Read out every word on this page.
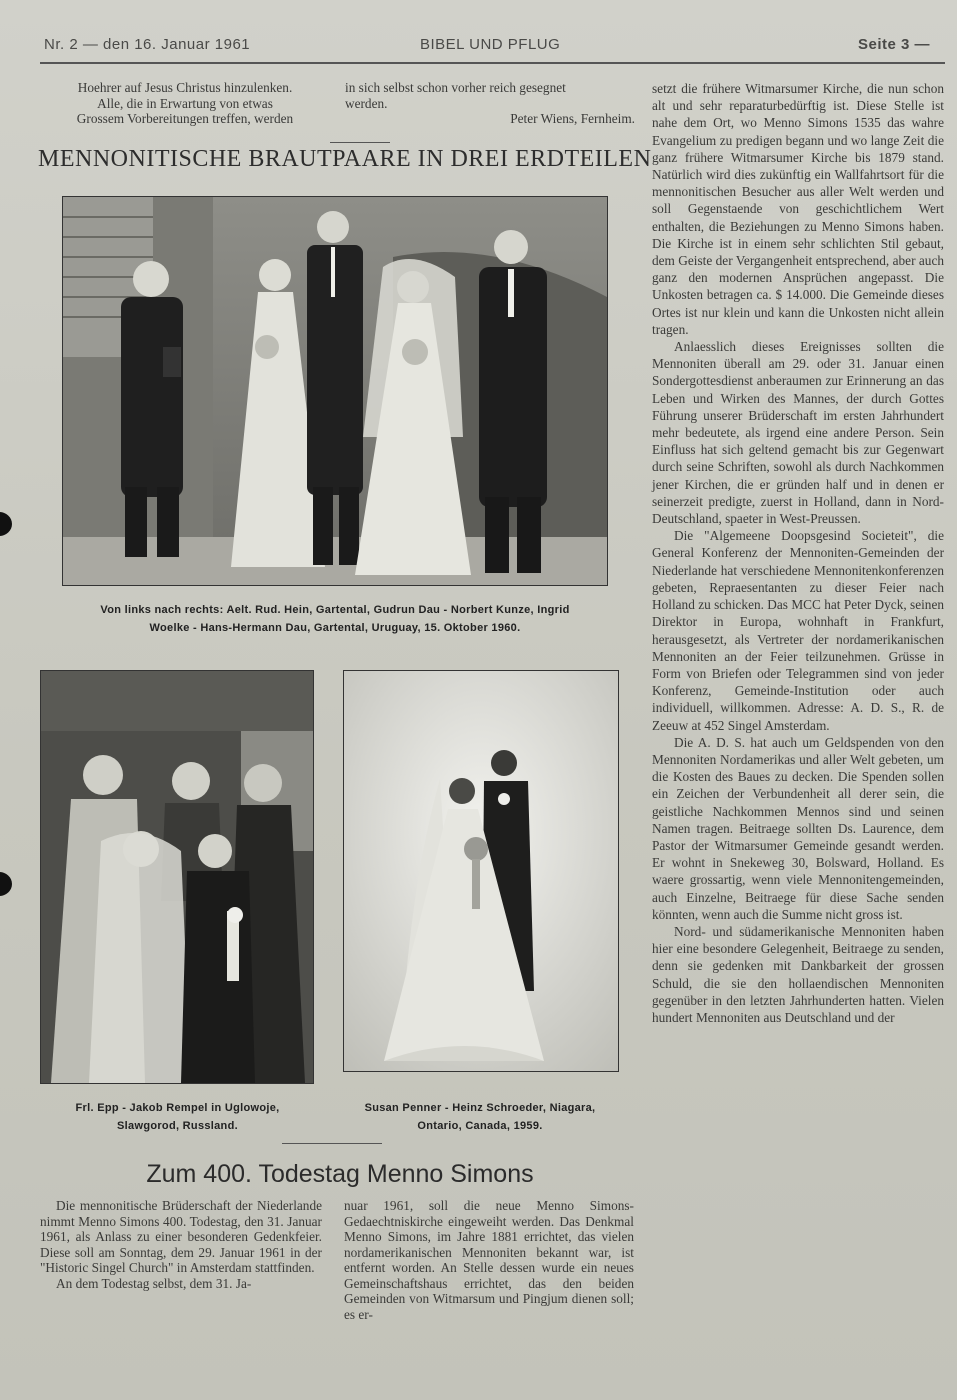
Nr. 2 — den 16. Januar 1961	BIBEL UND PFLUG	Seite 3 —

Hoehrer auf Jesus Christus hinzulenken.

Alle, die in Erwartung von etwas

Grossem Vorbereitungen treffen, werden

in sich selbst schon vorher reich gesegnet

werden.

Peter Wiens, Fernheim.

MENNONITISCHE BRAUTPAARE IN DREI ERDTEILEN
Von links nach rechts: Aelt. Rud. Hein, Gartental, Gudrun Dau - Norbert Kunze, Ingrid
Woelke - Hans-Hermann Dau, Gartental, Uruguay, 15. Oktober 1960.
Frl. Epp - Jakob Rempel in Uglowoje,
Slawgorod, Russland.
Susan Penner - Heinz Schroeder, Niagara,
Ontario, Canada, 1959.
Zum 400. Todestag Menno Simons

Die mennonitische Brüderschaft der Niederlande nimmt Menno Simons 400. Todestag, den 31. Januar 1961, als Anlass zu einer besonderen Gedenkfeier. Diese soll am Sonntag, dem 29. Januar 1961 in der "Historic Singel Church" in Amsterdam stattfinden.

An dem Todestag selbst, dem 31. Ja-

nuar 1961, soll die neue Menno Simons-Gedaechtniskirche eingeweiht werden. Das Denkmal Menno Simons, im Jahre 1881 errichtet, das vielen nordamerikanischen Mennoniten bekannt war, ist entfernt worden. An Stelle dessen wurde ein neues Gemeinschaftshaus errichtet, das den beiden Gemeinden von Witmarsum und Pingjum dienen soll; es er-

setzt die frühere Witmarsumer Kirche, die nun schon alt und sehr reparaturbedürftig ist. Diese Stelle ist nahe dem Ort, wo Menno Simons 1535 das wahre Evangelium zu predigen begann und wo lange Zeit die ganz frühere Witmarsumer Kirche bis 1879 stand. Natürlich wird dies zukünftig ein Wallfahrtsort für die mennonitischen Besucher aus aller Welt werden und soll Gegenstaende von geschichtlichem Wert enthalten, die Beziehungen zu Menno Simons haben. Die Kirche ist in einem sehr schlichten Stil gebaut, dem Geiste der Vergangenheit entsprechend, aber auch ganz den modernen Ansprüchen angepasst. Die Unkosten betragen ca. $ 14.000. Die Gemeinde dieses Ortes ist nur klein und kann die Unkosten nicht allein tragen.

Anlaesslich dieses Ereignisses sollten die Mennoniten überall am 29. oder 31. Januar einen Sondergottesdienst anberaumen zur Erinnerung an das Leben und Wirken des Mannes, der durch Gottes Führung unserer Brüderschaft im ersten Jahrhundert mehr bedeutete, als irgend eine andere Person. Sein Einfluss hat sich geltend gemacht bis zur Gegenwart durch seine Schriften, sowohl als durch Nachkommen jener Kirchen, die er gründen half und in denen er seinerzeit predigte, zuerst in Holland, dann in Nord-Deutschland, spaeter in West-Preussen.

Die "Algemeene Doopsgesind Societeit", die General Konferenz der Mennoniten-Gemeinden der Niederlande hat verschiedene Mennonitenkonferenzen gebeten, Repraesentanten zu dieser Feier nach Holland zu schicken. Das MCC hat Peter Dyck, seinen Direktor in Europa, wohnhaft in Frankfurt, herausgesetzt, als Vertreter der nordamerikanischen Mennoniten an der Feier teilzunehmen. Grüsse in Form von Briefen oder Telegrammen sind von jeder Konferenz, Gemeinde-Institution oder auch individuell, willkommen. Adresse: A. D. S., R. de Zeeuw at 452 Singel Amsterdam.

Die A. D. S. hat auch um Geldspenden von den Mennoniten Nordamerikas und aller Welt gebeten, um die Kosten des Baues zu decken. Die Spenden sollen ein Zeichen der Verbundenheit all derer sein, die geistliche Nachkommen Mennos sind und seinen Namen tragen. Beitraege sollten Ds. Laurence, dem Pastor der Witmarsumer Gemeinde gesandt werden. Er wohnt in Snekeweg 30, Bolsward, Holland. Es waere grossartig, wenn viele Mennonitengemeinden, auch Einzelne, Beitraege für diese Sache senden könnten, wenn auch die Summe nicht gross ist.

Nord- und südamerikanische Mennoniten haben hier eine besondere Gelegenheit, Beitraege zu senden, denn sie gedenken mit Dankbarkeit der grossen Schuld, die sie den hollaendischen Mennoniten gegenüber in den letzten Jahrhunderten hatten. Vielen hundert Mennoniten aus Deutschland und der
